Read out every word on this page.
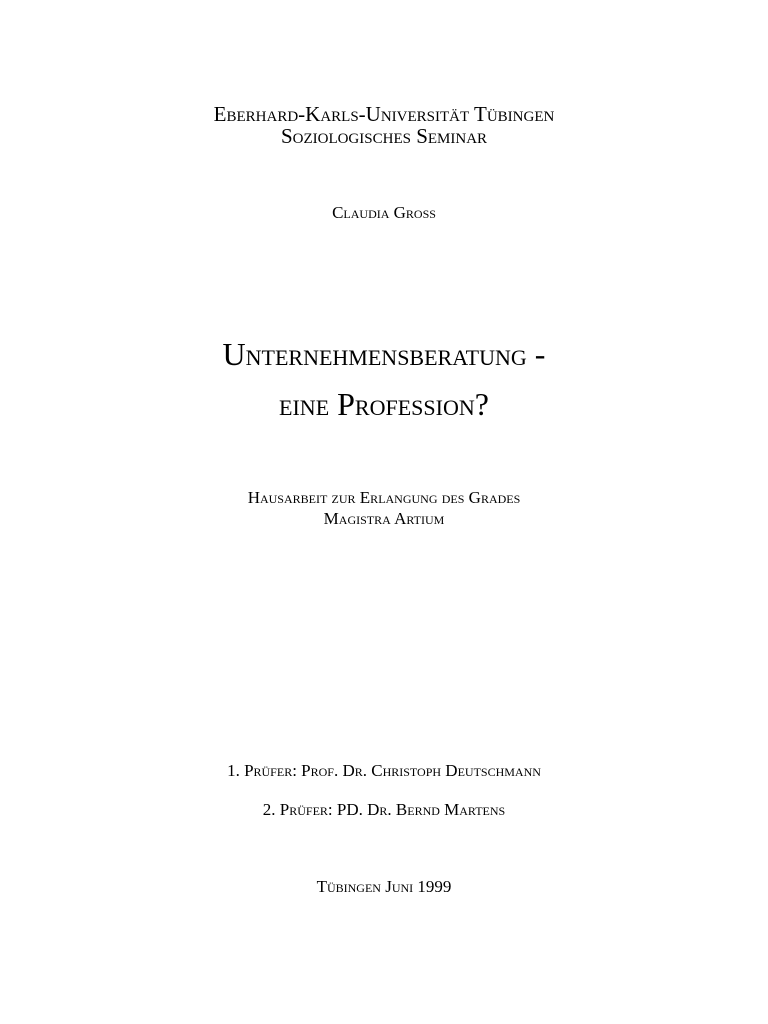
Eberhard-Karls-Universität Tübingen
Soziologisches Seminar
Claudia Groß
Unternehmensberatung -
eine Profession?
Hausarbeit zur Erlangung des Grades
Magistra Artium
1. Prüfer: Prof. Dr. Christoph Deutschmann
2. Prüfer: PD. Dr. Bernd Martens
Tübingen Juni 1999
